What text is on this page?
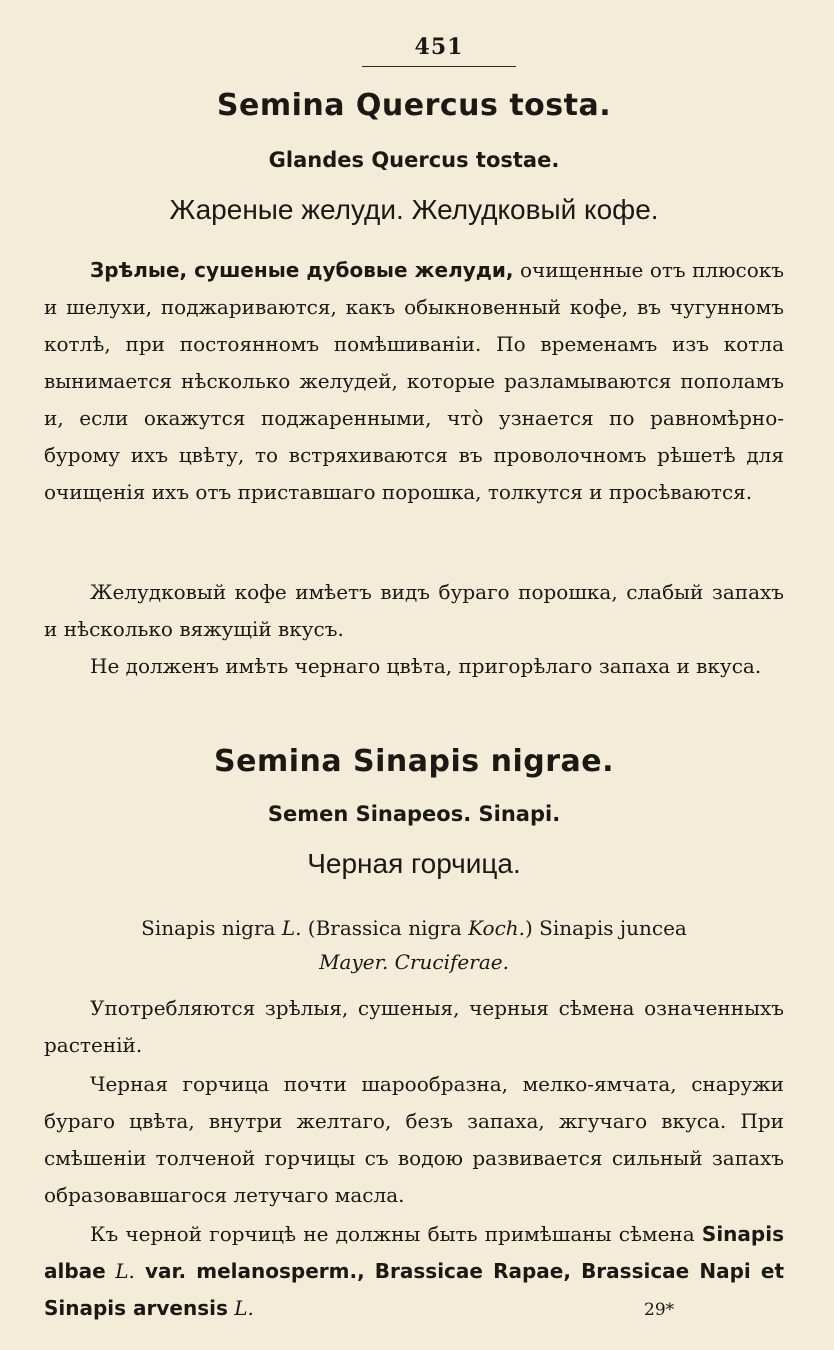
451
Semina Quercus tosta.
Glandes Quercus tostae.
Жареные желуди. Желудковый кофе.

Зрѣлые, сушеные дубовые желуди, очищенные отъ плюсокъ и шелухи, поджариваются, какъ обыкновенный кофе, въ чугунномъ котлѣ, при постоянномъ помѣшиваніи. По временамъ изъ котла вынимается нѣсколько желудей, которые разламываются пополамъ и, если окажутся поджаренными, что̀ узнается по равномѣрно-бурому ихъ цвѣту, то встряхиваются въ проволочномъ рѣшетѣ для очищенія ихъ отъ приставшаго порошка, толкутся и просѣваются.

Желудковый кофе имѣетъ видъ бураго порошка, слабый запахъ и нѣсколько вяжущій вкусъ.

Не долженъ имѣть чернаго цвѣта, пригорѣлаго запаха и вкуса.

Semina Sinapis nigrae.
Semen Sinapeos. Sinapi.
Черная горчица.

Sinapis nigra L. (Brassica nigra Koch.) Sinapis juncea

Mayer. Cruciferae.

Употребляются зрѣлыя, сушеныя, черныя сѣмена означенныхъ растеній.

Черная горчица почти шарообразна, мелко-ямчата, снаружи бураго цвѣта, внутри желтаго, безъ запаха, жгучаго вкуса. При смѣшеніи толченой горчицы съ водою развивается сильный запахъ образовавшагося летучаго масла.

Къ черной горчицѣ не должны быть примѣшаны сѣмена Sinapis albae L. var. melanosperm., Brassicae Rapae, Brassicae Napi et Sinapis arvensis L.	29*
